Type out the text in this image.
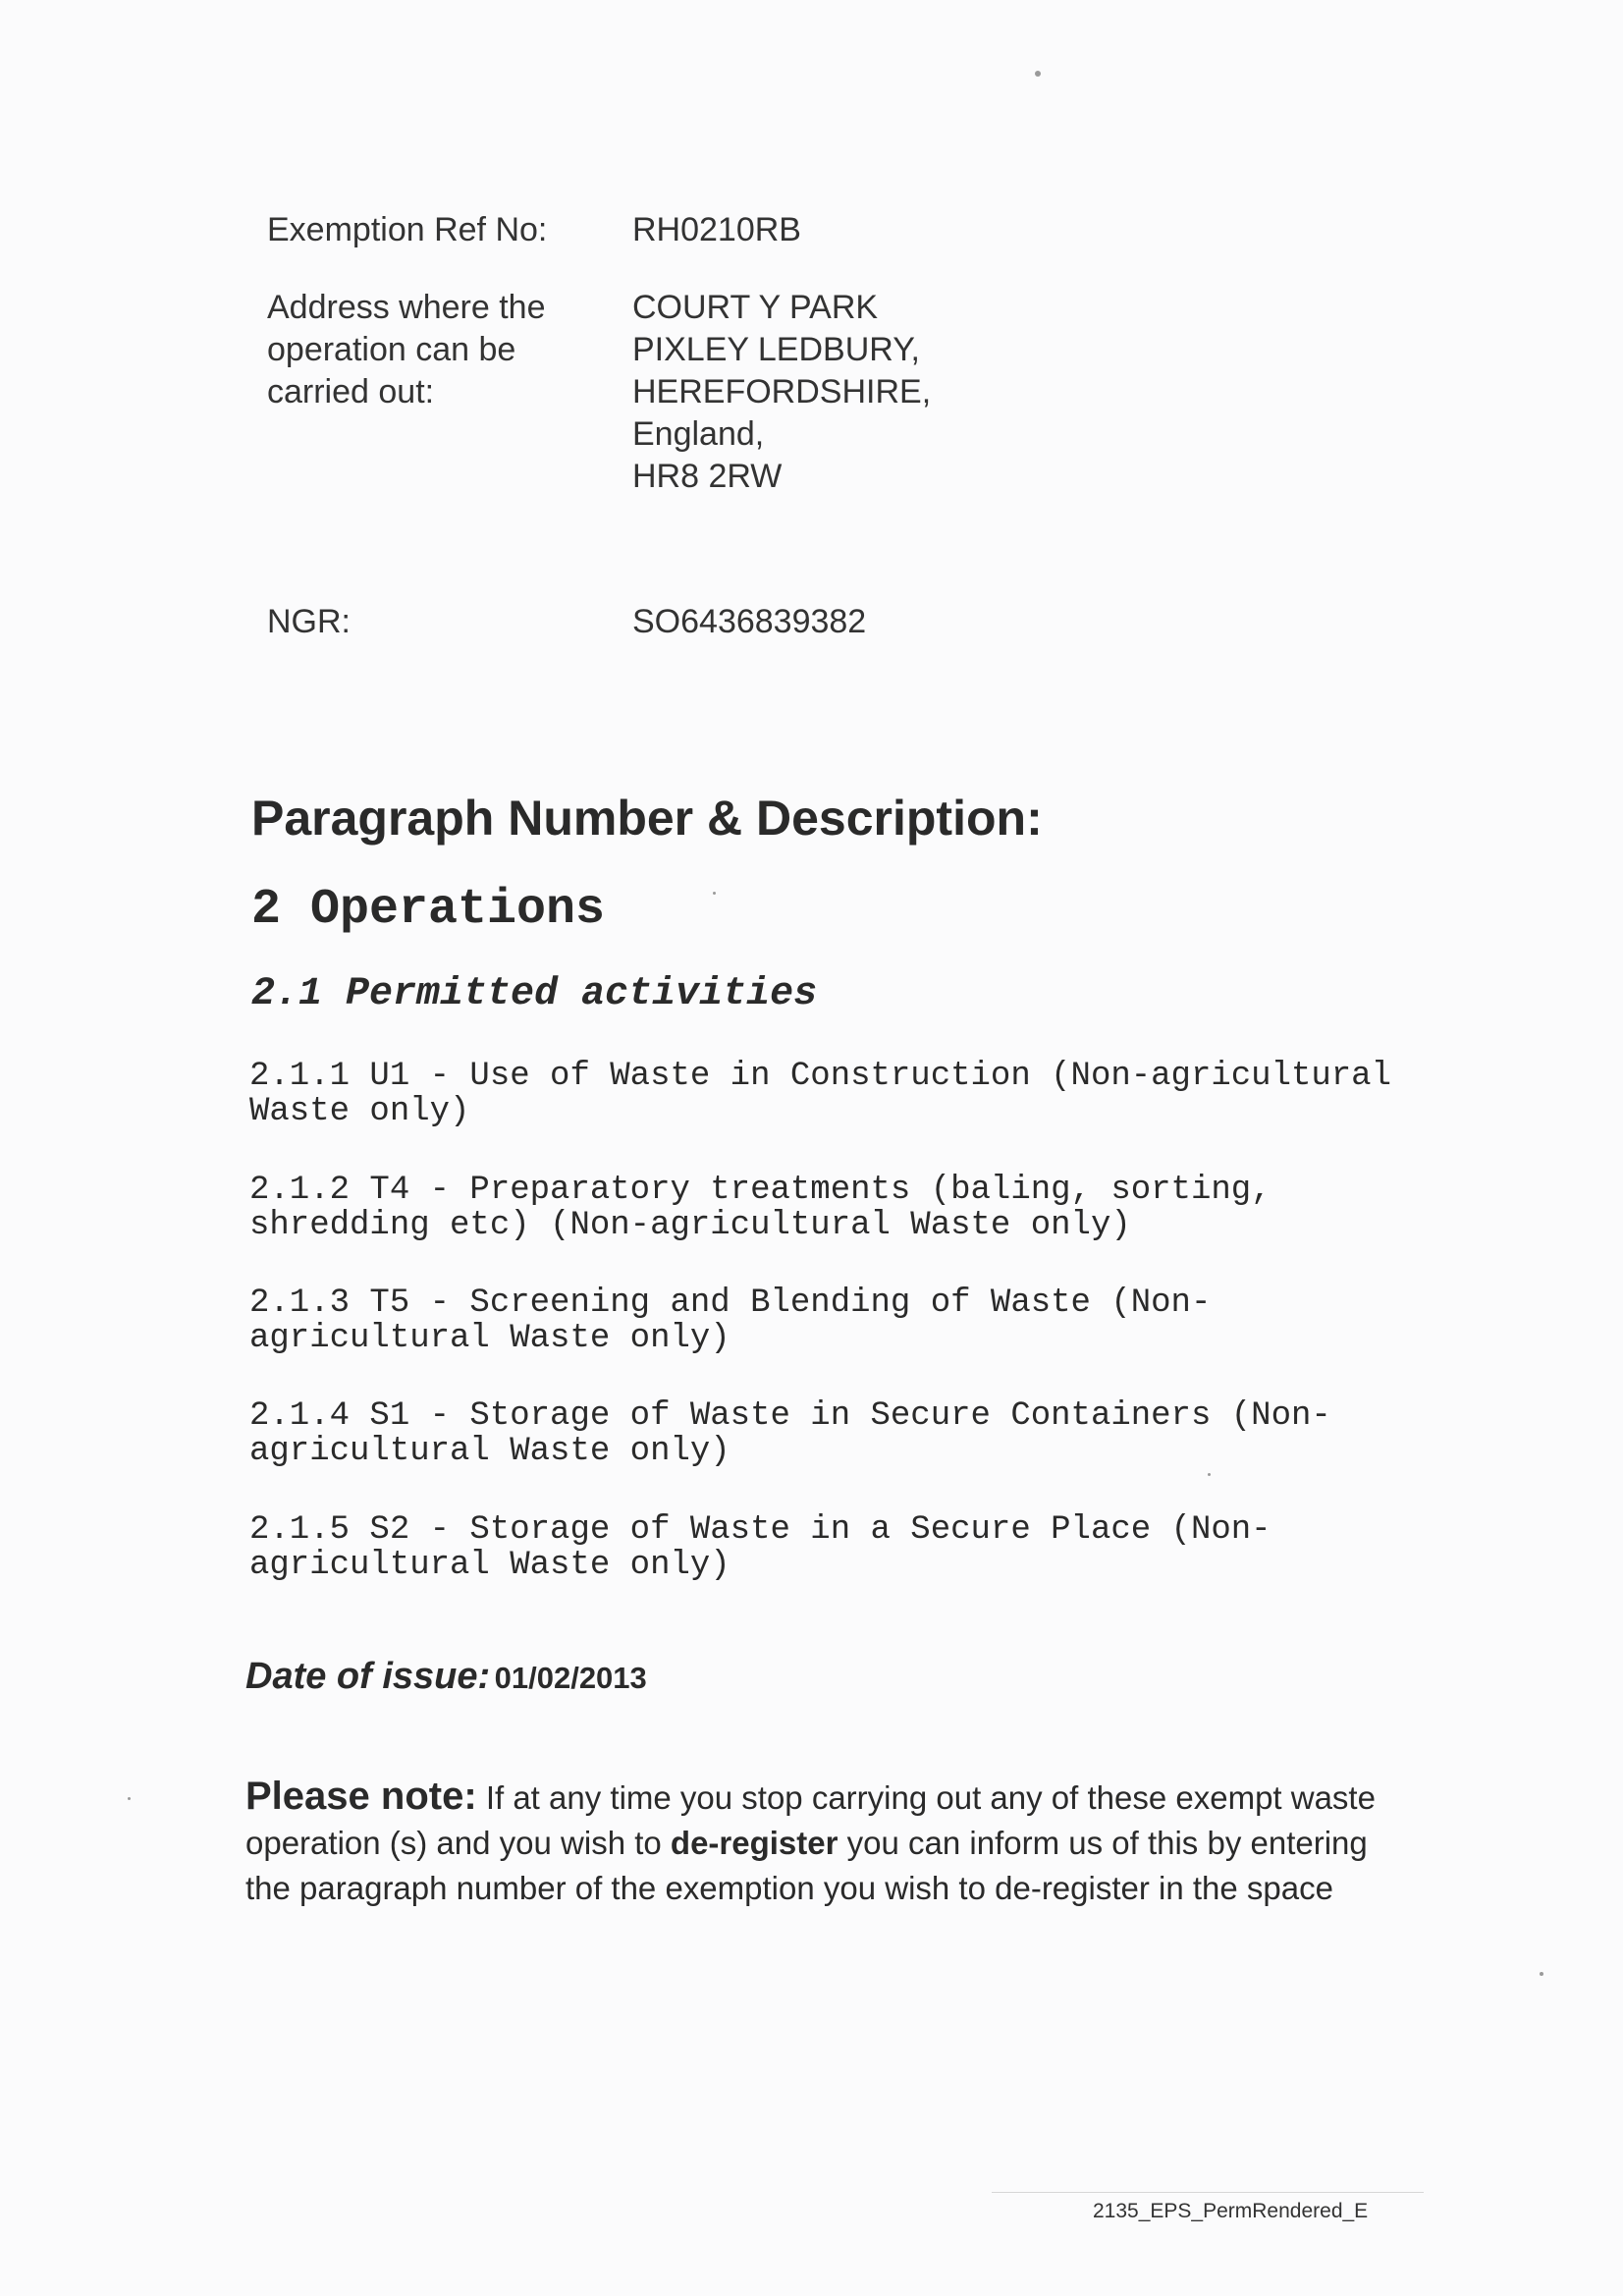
Exemption Ref No:	RH0210RB
Address where the
operation can be
carried out:
COURT Y PARK
PIXLEY LEDBURY,
HEREFORDSHIRE,
England,
HR8 2RW
NGR:	SO6436839382
Paragraph Number & Description:
2 Operations
2.1 Permitted activities
2.1.1 U1 - Use of Waste in Construction (Non-agricultural
Waste only)
2.1.2 T4 - Preparatory treatments (baling, sorting,
shredding etc) (Non-agricultural Waste only)
2.1.3 T5 - Screening and Blending of Waste (Non-
agricultural Waste only)
2.1.4 S1 - Storage of Waste in Secure Containers (Non-
agricultural Waste only)
2.1.5 S2 - Storage of Waste in a Secure Place (Non-
agricultural Waste only)
Date of issue: 01/02/2013
Please note: If at any time you stop carrying out any of these exempt waste operation (s) and you wish to de-register you can inform us of this by entering the paragraph number of the exemption you wish to de-register in the space
2135_EPS_PermRendered_E
